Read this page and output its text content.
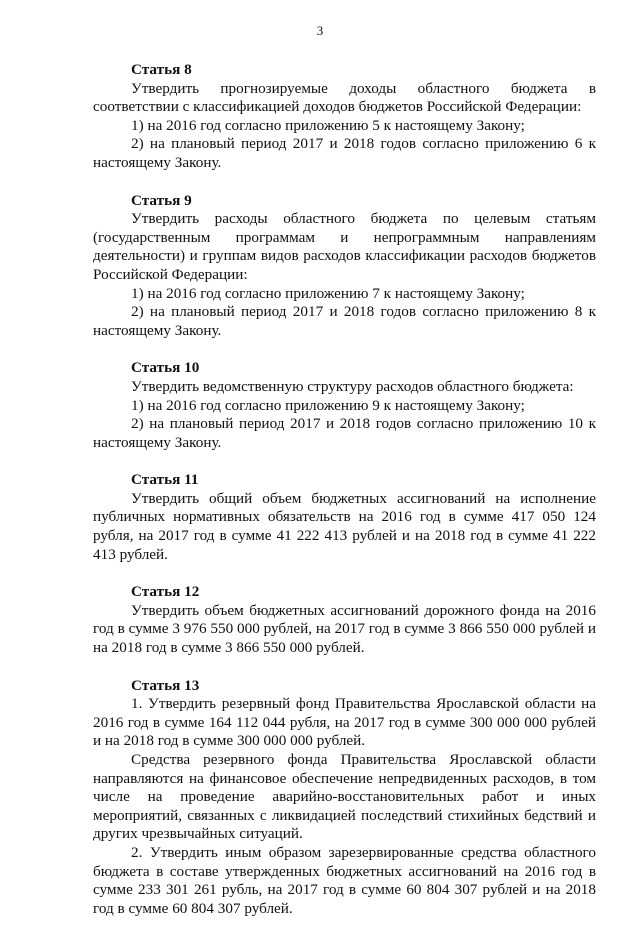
3

Статья 8

Утвердить прогнозируемые доходы областного бюджета в соответствии с классификацией доходов бюджетов Российской Федерации:

1) на 2016 год согласно приложению 5 к настоящему Закону;

2) на плановый период 2017 и 2018 годов согласно приложению 6 к настоящему Закону.

Статья 9

Утвердить расходы областного бюджета по целевым статьям (государственным программам и непрограммным направлениям деятельности) и группам видов расходов классификации расходов бюджетов Российской Федерации:

1) на 2016 год согласно приложению 7 к настоящему Закону;

2) на плановый период 2017 и 2018 годов согласно приложению 8 к настоящему Закону.

Статья 10

Утвердить ведомственную структуру расходов областного бюджета:

1) на 2016 год согласно приложению 9 к настоящему Закону;

2) на плановый период 2017 и 2018 годов согласно приложению 10 к настоящему Закону.

Статья 11

Утвердить общий объем бюджетных ассигнований на исполнение публичных нормативных обязательств на 2016 год в сумме 417 050 124 рубля, на 2017 год в сумме 41 222 413 рублей и на 2018 год в сумме 41 222 413 рублей.

Статья 12

Утвердить объем бюджетных ассигнований дорожного фонда на 2016 год в сумме 3 976 550 000 рублей, на 2017 год в сумме 3 866 550 000 рублей и на 2018 год в сумме 3 866 550 000 рублей.

Статья 13

1. Утвердить резервный фонд Правительства Ярославской области на 2016 год в сумме 164 112 044 рубля, на 2017 год в сумме 300 000 000 рублей и на 2018 год в сумме 300 000 000 рублей.

Средства резервного фонда Правительства Ярославской области направляются на финансовое обеспечение непредвиденных расходов, в том числе на проведение аварийно-восстановительных работ и иных мероприятий, связанных с ликвидацией последствий стихийных бедствий и других чрезвычайных ситуаций.

2. Утвердить иным образом зарезервированные средства областного бюджета в составе утвержденных бюджетных ассигнований на 2016 год в сумме 233 301 261 рубль, на 2017 год в сумме 60 804 307 рублей и на 2018 год в сумме 60 804 307 рублей.
